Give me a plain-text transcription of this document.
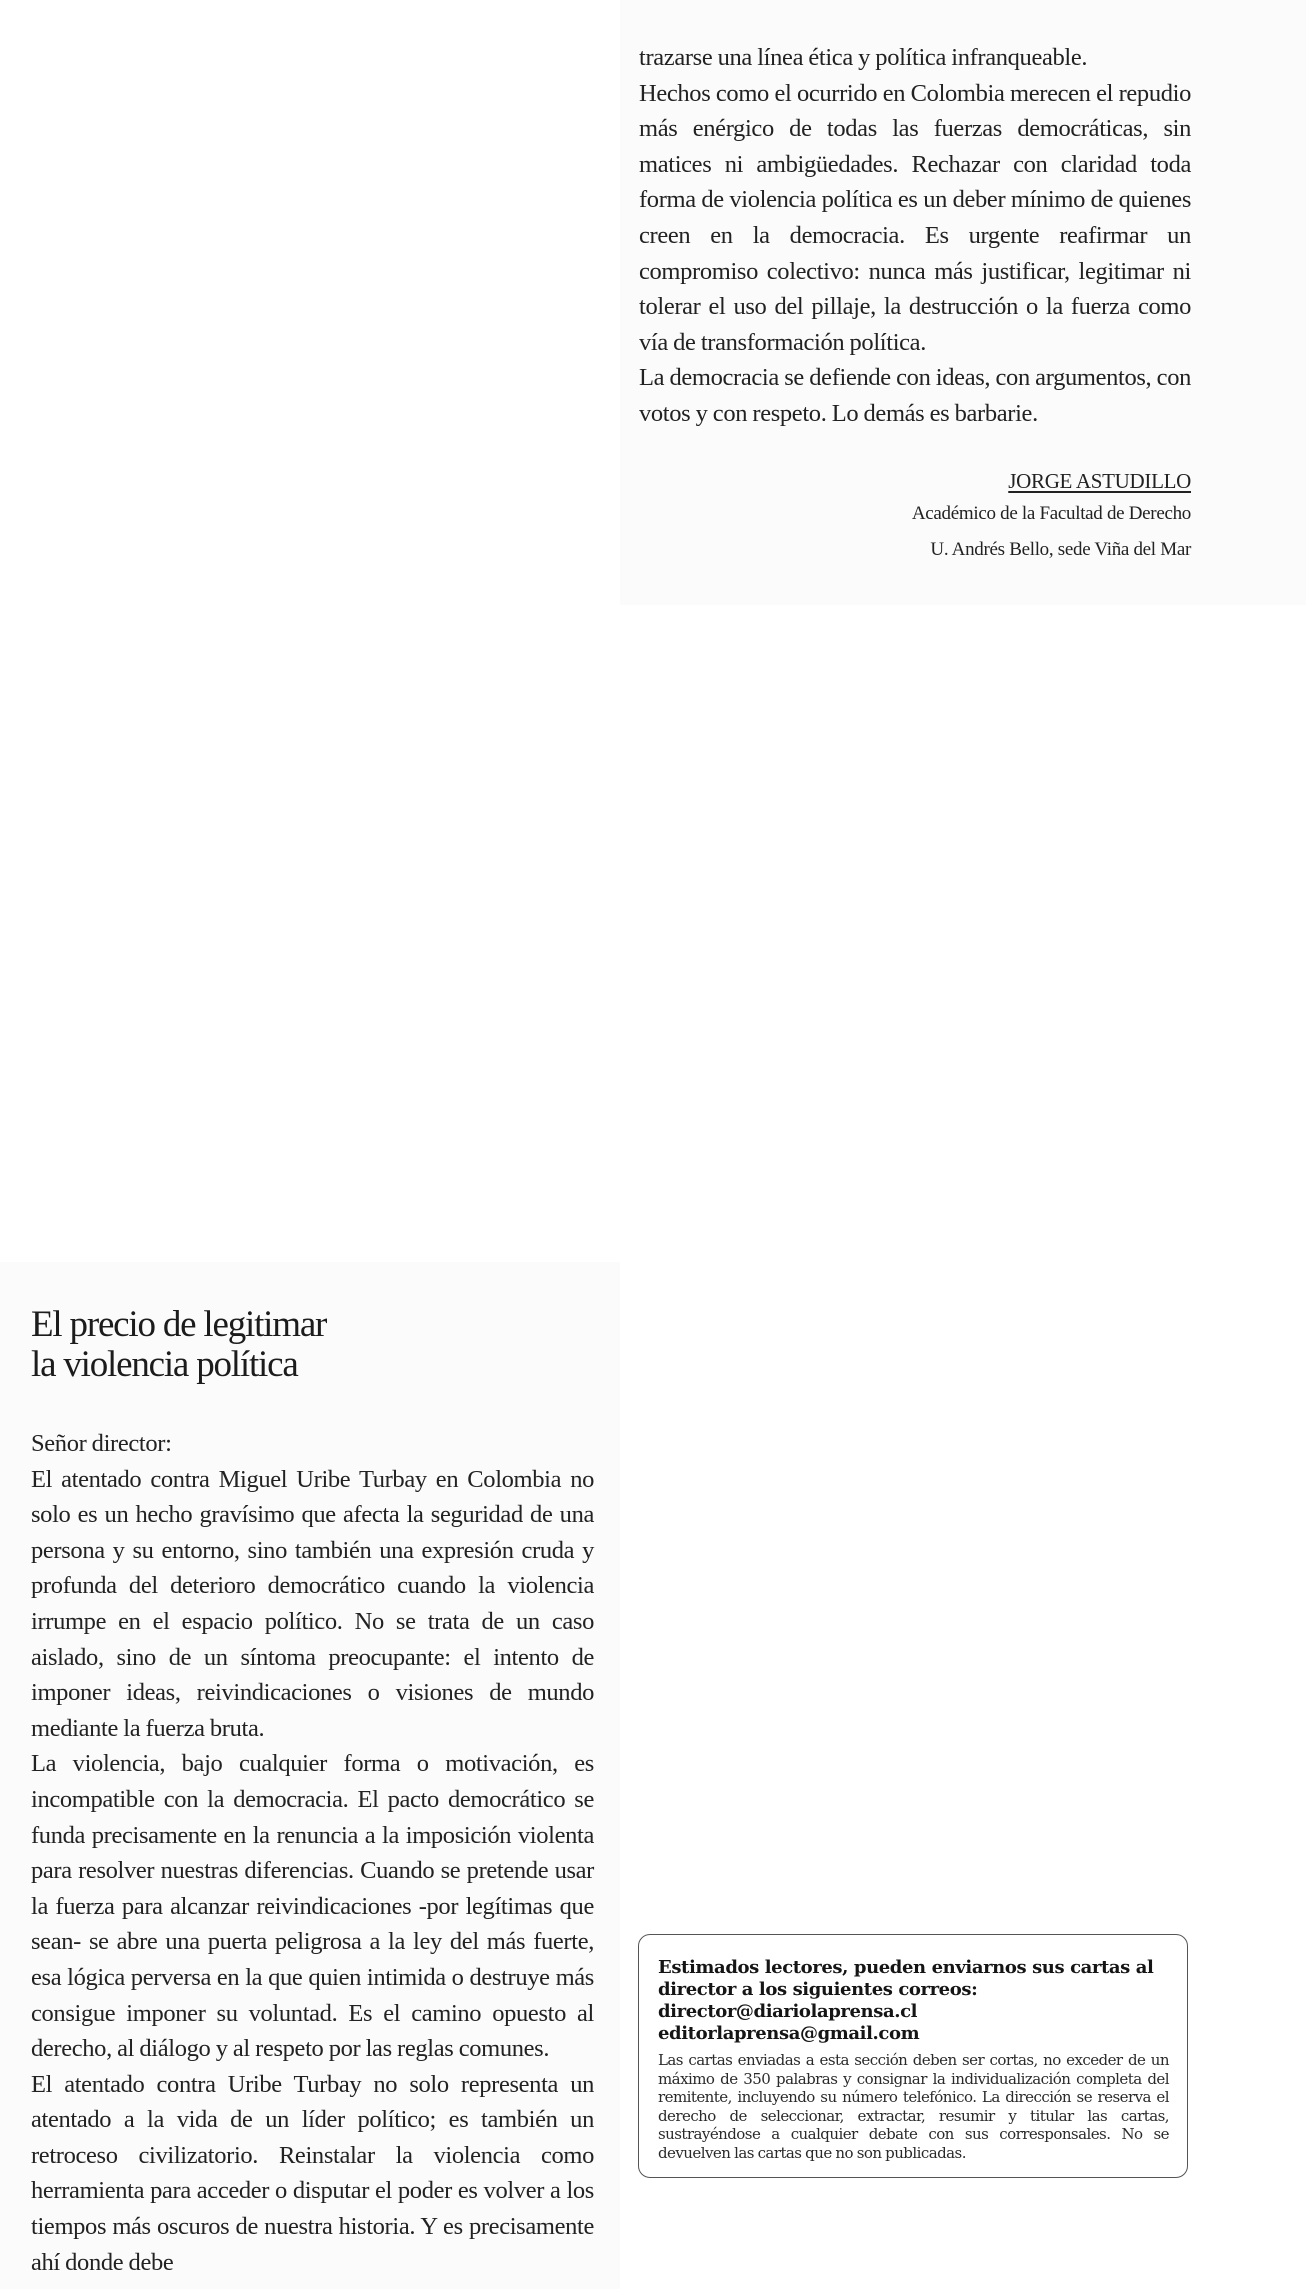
trazarse una línea ética y política infranqueable.

Hechos como el ocurrido en Colombia merecen el repudio más enérgico de todas las fuerzas democráticas, sin matices ni ambigüedades. Rechazar con claridad toda forma de violencia política es un deber mínimo de quienes creen en la democracia. Es urgente reafirmar un compromiso colectivo: nunca más justificar, legitimar ni tolerar el uso del pillaje, la destrucción o la fuerza como vía de transformación política.

La democracia se defiende con ideas, con argumentos, con votos y con respeto. Lo demás es barbarie.

JORGE ASTUDILLO
Académico de la Facultad de Derecho
U. Andrés Bello, sede Viña del Mar
El precio de legitimar
la violencia política

Señor director:

El atentado contra Miguel Uribe Turbay en Colombia no solo es un hecho gravísimo que afecta la seguridad de una persona y su entorno, sino también una expresión cruda y profunda del deterioro democrático cuando la violencia irrumpe en el espacio político. No se trata de un caso aislado, sino de un síntoma preocupante: el intento de imponer ideas, reivindicaciones o visiones de mundo mediante la fuerza bruta.

La violencia, bajo cualquier forma o motivación, es incompatible con la democracia. El pacto democrático se funda precisamente en la renuncia a la imposición violenta para resolver nuestras diferencias. Cuando se pretende usar la fuerza para alcanzar reivindicaciones -por legítimas que sean- se abre una puerta peligrosa a la ley del más fuerte, esa lógica perversa en la que quien intimida o destruye más consigue imponer su voluntad. Es el camino opuesto al derecho, al diálogo y al respeto por las reglas comunes.

El atentado contra Uribe Turbay no solo representa un atentado a la vida de un líder político; es también un retroceso civilizatorio. Reinstalar la violencia como herramienta para acceder o disputar el poder es volver a los tiempos más oscuros de nuestra historia. Y es precisamente ahí donde debe

Estimados lectores, pueden enviarnos sus cartas al
director a los siguientes correos:
director@diariolaprensa.cl
editorlaprensa@gmail.com
Las cartas enviadas a esta sección deben ser cortas, no exceder de un máximo de 350 palabras y consignar la individualización completa del remitente, incluyendo su número telefónico. La dirección se reserva el derecho de seleccionar, extractar, resumir y titular las cartas, sustrayéndose a cualquier debate con sus corresponsales. No se devuelven las cartas que no son publicadas.
